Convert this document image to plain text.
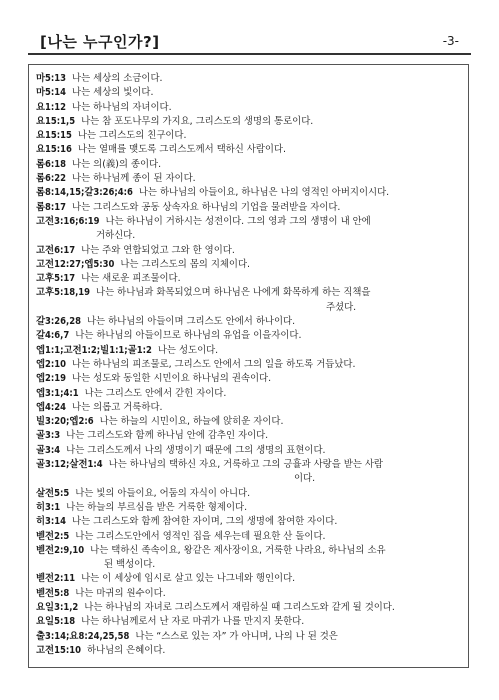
[나는 누구인가?]	-3-
마5:13 나는 세상의 소금이다.
마5:14 나는 세상의 빛이다.
요1:12 나는 하나님의 자녀이다.
요15:1,5 나는 참 포도나무의 가지요, 그리스도의 생명의 통로이다.
요15:15 나는 그리스도의 친구이다.
요15:16 나는 열매를 맺도록 그리스도께서 택하신 사람이다.
롬6:18 나는 의(義)의 종이다.
롬6:22 나는 하나님께 종이 된 자이다.
롬8:14,15;갈3:26;4:6 나는 하나님의 아들이요, 하나님은 나의 영적인 아버지이시다.
롬8:17 나는 그리스도와 공동 상속자요 하나님의 기업을 물려받을 자이다.
고전3:16;6:19 나는 하나님이 거하시는 성전이다. 그의 영과 그의 생명이 내 안에
거하신다.
고전6:17 나는 주와 연합되었고 그와 한 영이다.
고전12:27;엡5:30 나는 그리스도의 몸의 지체이다.
고후5:17 나는 새로운 피조물이다.
고후5:18,19 나는 하나님과 화목되었으며 하나님은 나에게 화목하게 하는 직책을
주셨다.
갈3:26,28 나는 하나님의 아들이며 그리스도 안에서 하나이다.
갈4:6,7 나는 하나님의 아들이므로 하나님의 유업을 이을자이다.
엡1:1;고전1:2;빌1:1;골1:2 나는 성도이다.
엡2:10 나는 하나님의 피조물로, 그리스도 안에서 그의 일을 하도록 거듭났다.
엡2:19 나는 성도와 동일한 시민이요 하나님의 권속이다.
엡3:1;4:1 나는 그리스도 안에서 갇힌 자이다.
엡4:24 나는 의롭고 거룩하다.
빌3:20;엡2:6 나는 하늘의 시민이요, 하늘에 앉히운 자이다.
골3:3 나는 그리스도와 함께 하나님 안에 감추인 자이다.
골3:4 나는 그리스도께서 나의 생명이기 때문에 그의 생명의 표현이다.
골3:12;살전1:4 나는 하나님의 택하신 자요, 거룩하고 그의 긍휼과 사랑을 받는 사람
이다.
살전5:5 나는 빛의 아들이요, 어둠의 자식이 아니다.
히3:1 나는 하늘의 부르심을 받은 거룩한 형제이다.
히3:14 나는 그리스도와 함께 참여한 자이며, 그의 생명에 참여한 자이다.
벧전2:5 나는 그리스도안에서 영적인 집을 세우는데 필요한 산 돌이다.
벧전2:9,10 나는 택하신 족속이요, 왕같은 제사장이요, 거룩한 나라요, 하나님의 소유
된 백성이다.
벧전2:11 나는 이 세상에 임시로 살고 있는 나그네와 행인이다.
벧전5:8 나는 마귀의 원수이다.
요일3:1,2 나는 하나님의 자녀로 그리스도께서 재림하실 때 그리스도와 같게 될 것이다.
요일5:18 나는 하나님께로서 난 자로 마귀가 나를 만지지 못한다.
출3:14;요8:24,25,58 나는 “스스로 있는 자” 가 아니며, 나의 나 된 것은
고전15:10 하나님의 은혜이다.
